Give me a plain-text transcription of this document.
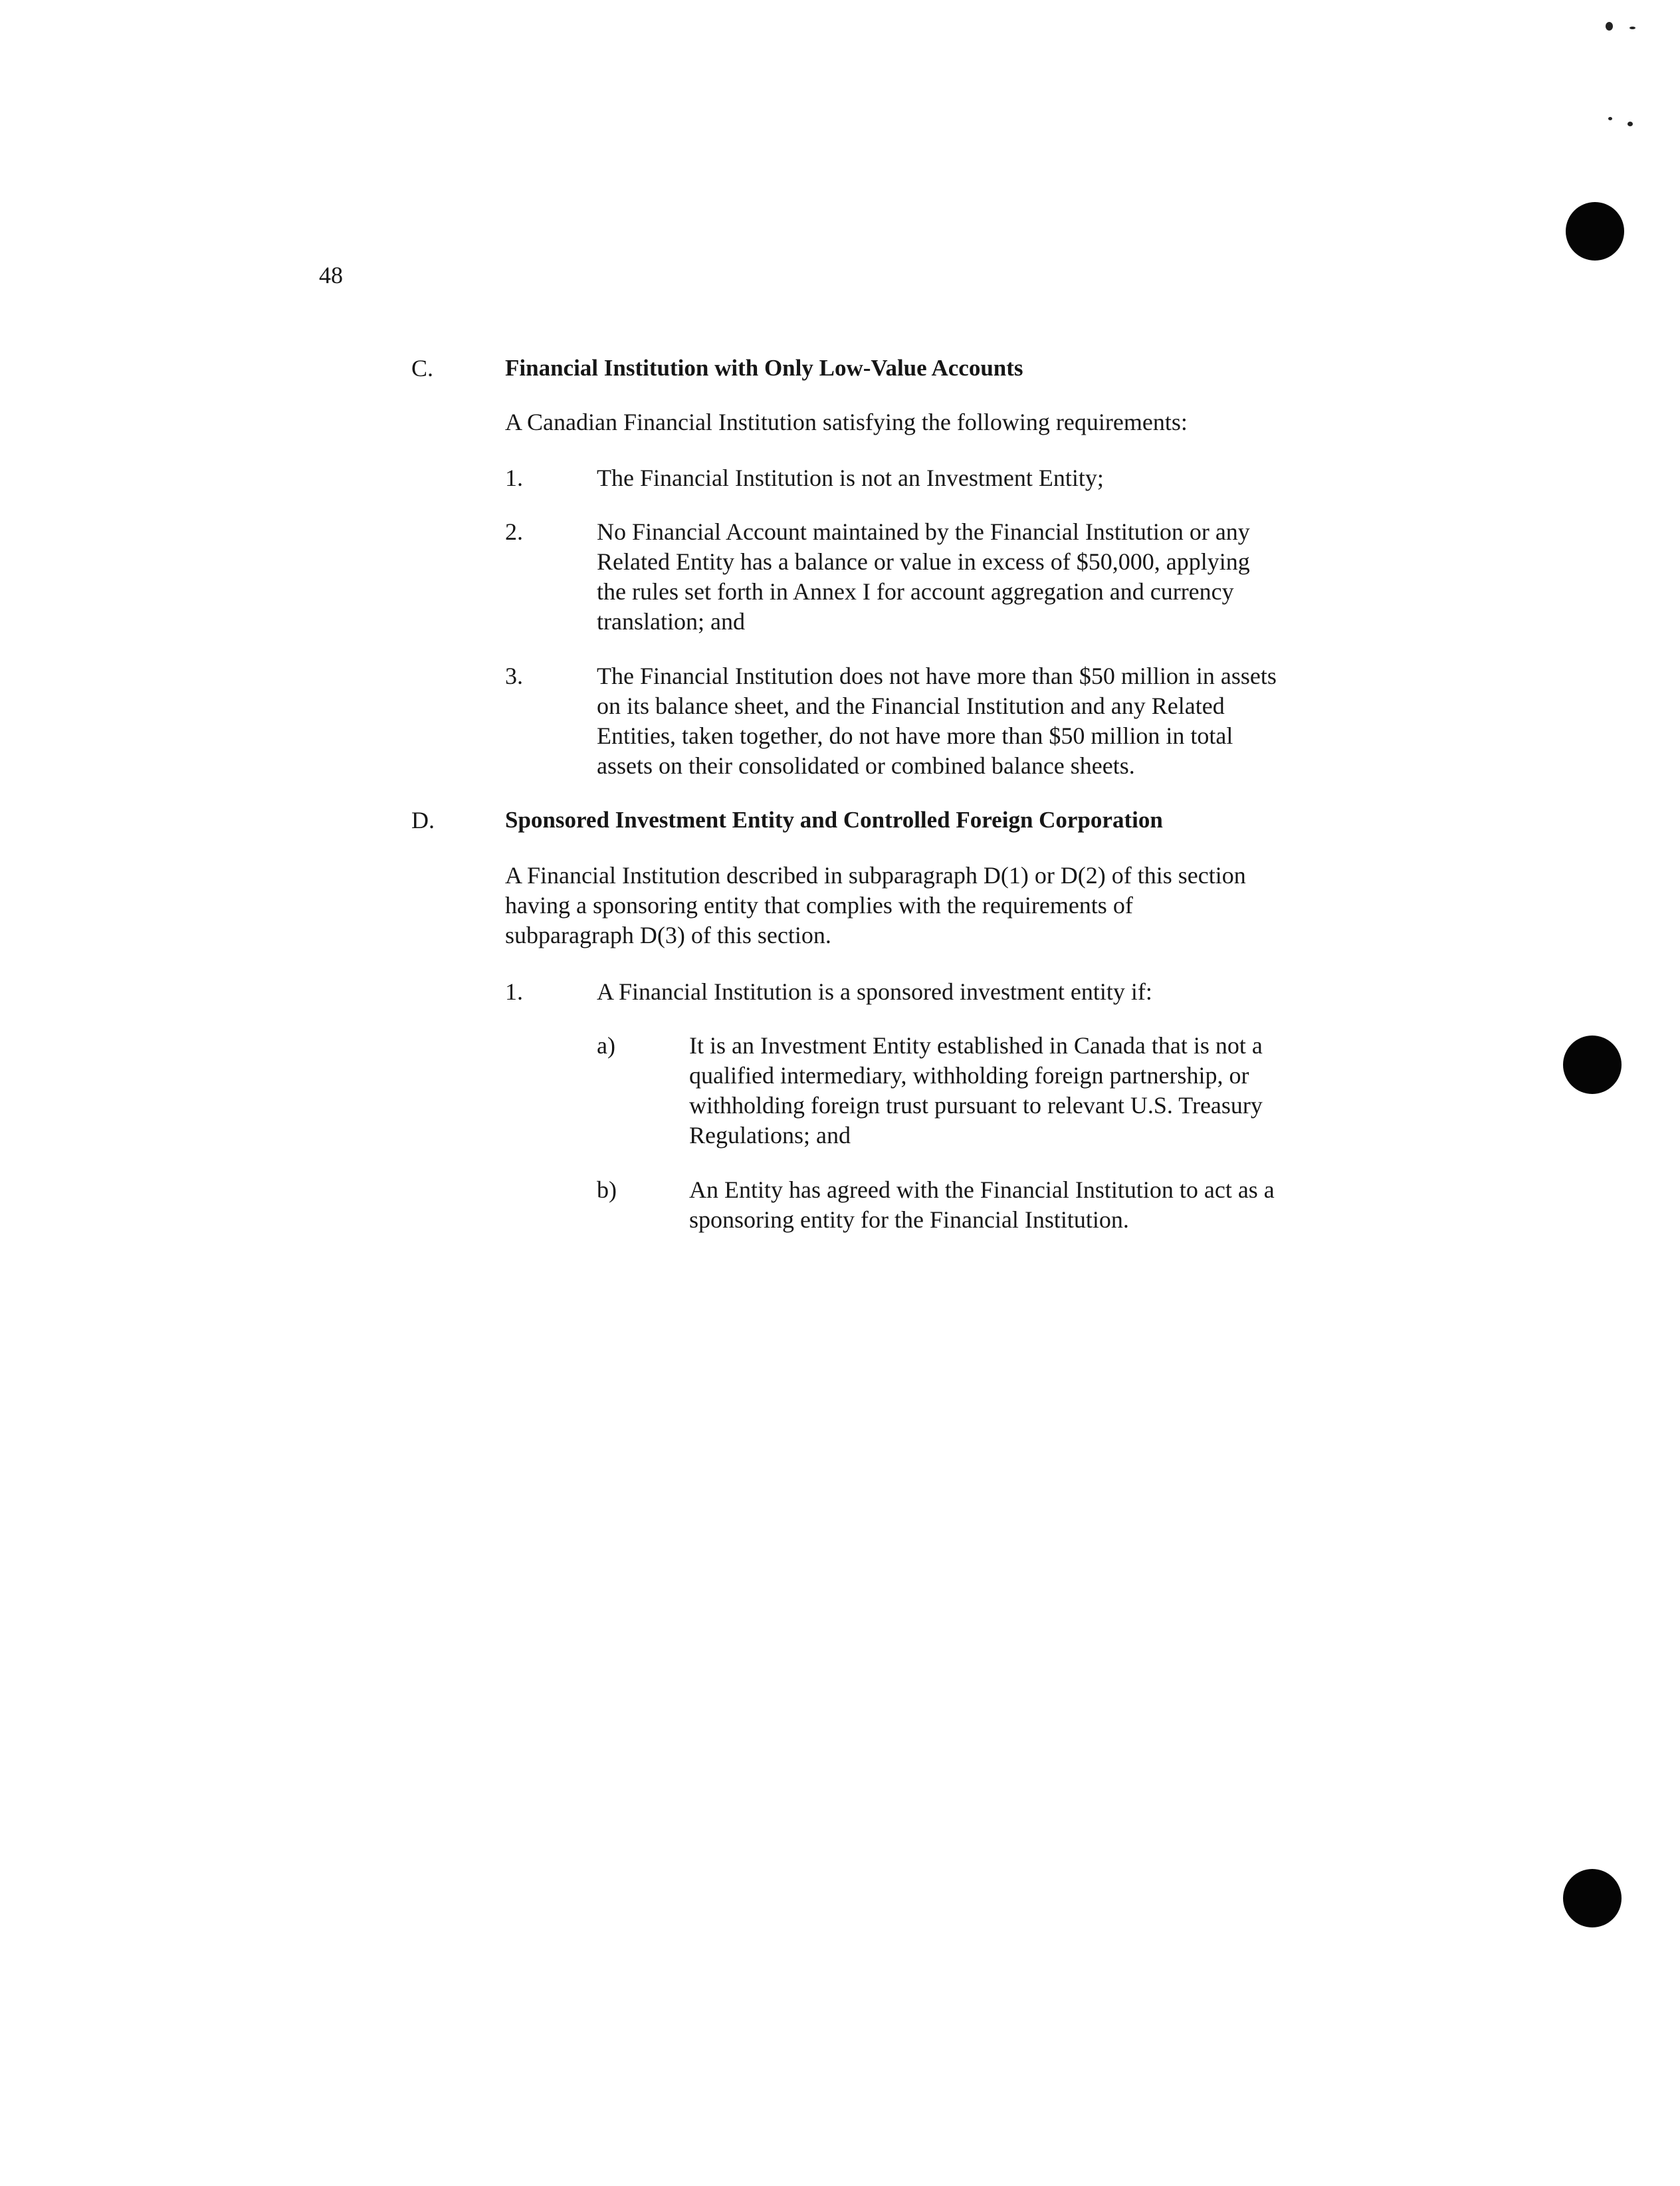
48
C.	Financial Institution with Only Low-Value Accounts
A Canadian Financial Institution satisfying the following requirements:
1.	The Financial Institution is not an Investment Entity;
2.	No Financial Account maintained by the Financial Institution or any
Related Entity has a balance or value in excess of $50,000, applying
the rules set forth in Annex I for account aggregation and currency
translation; and
3.	The Financial Institution does not have more than $50 million in assets
on its balance sheet, and the Financial Institution and any Related
Entities, taken together, do not have more than $50 million in total
assets on their consolidated or combined balance sheets.
D.	Sponsored Investment Entity and Controlled Foreign Corporation
A Financial Institution described in subparagraph D(1) or D(2) of this section
having a sponsoring entity that complies with the requirements of
subparagraph D(3) of this section.
1.	A Financial Institution is a sponsored investment entity if:
a)	It is an Investment Entity established in Canada that is not a
qualified intermediary, withholding foreign partnership, or
withholding foreign trust pursuant to relevant U.S. Treasury
Regulations; and
b)	An Entity has agreed with the Financial Institution to act as a
sponsoring entity for the Financial Institution.
